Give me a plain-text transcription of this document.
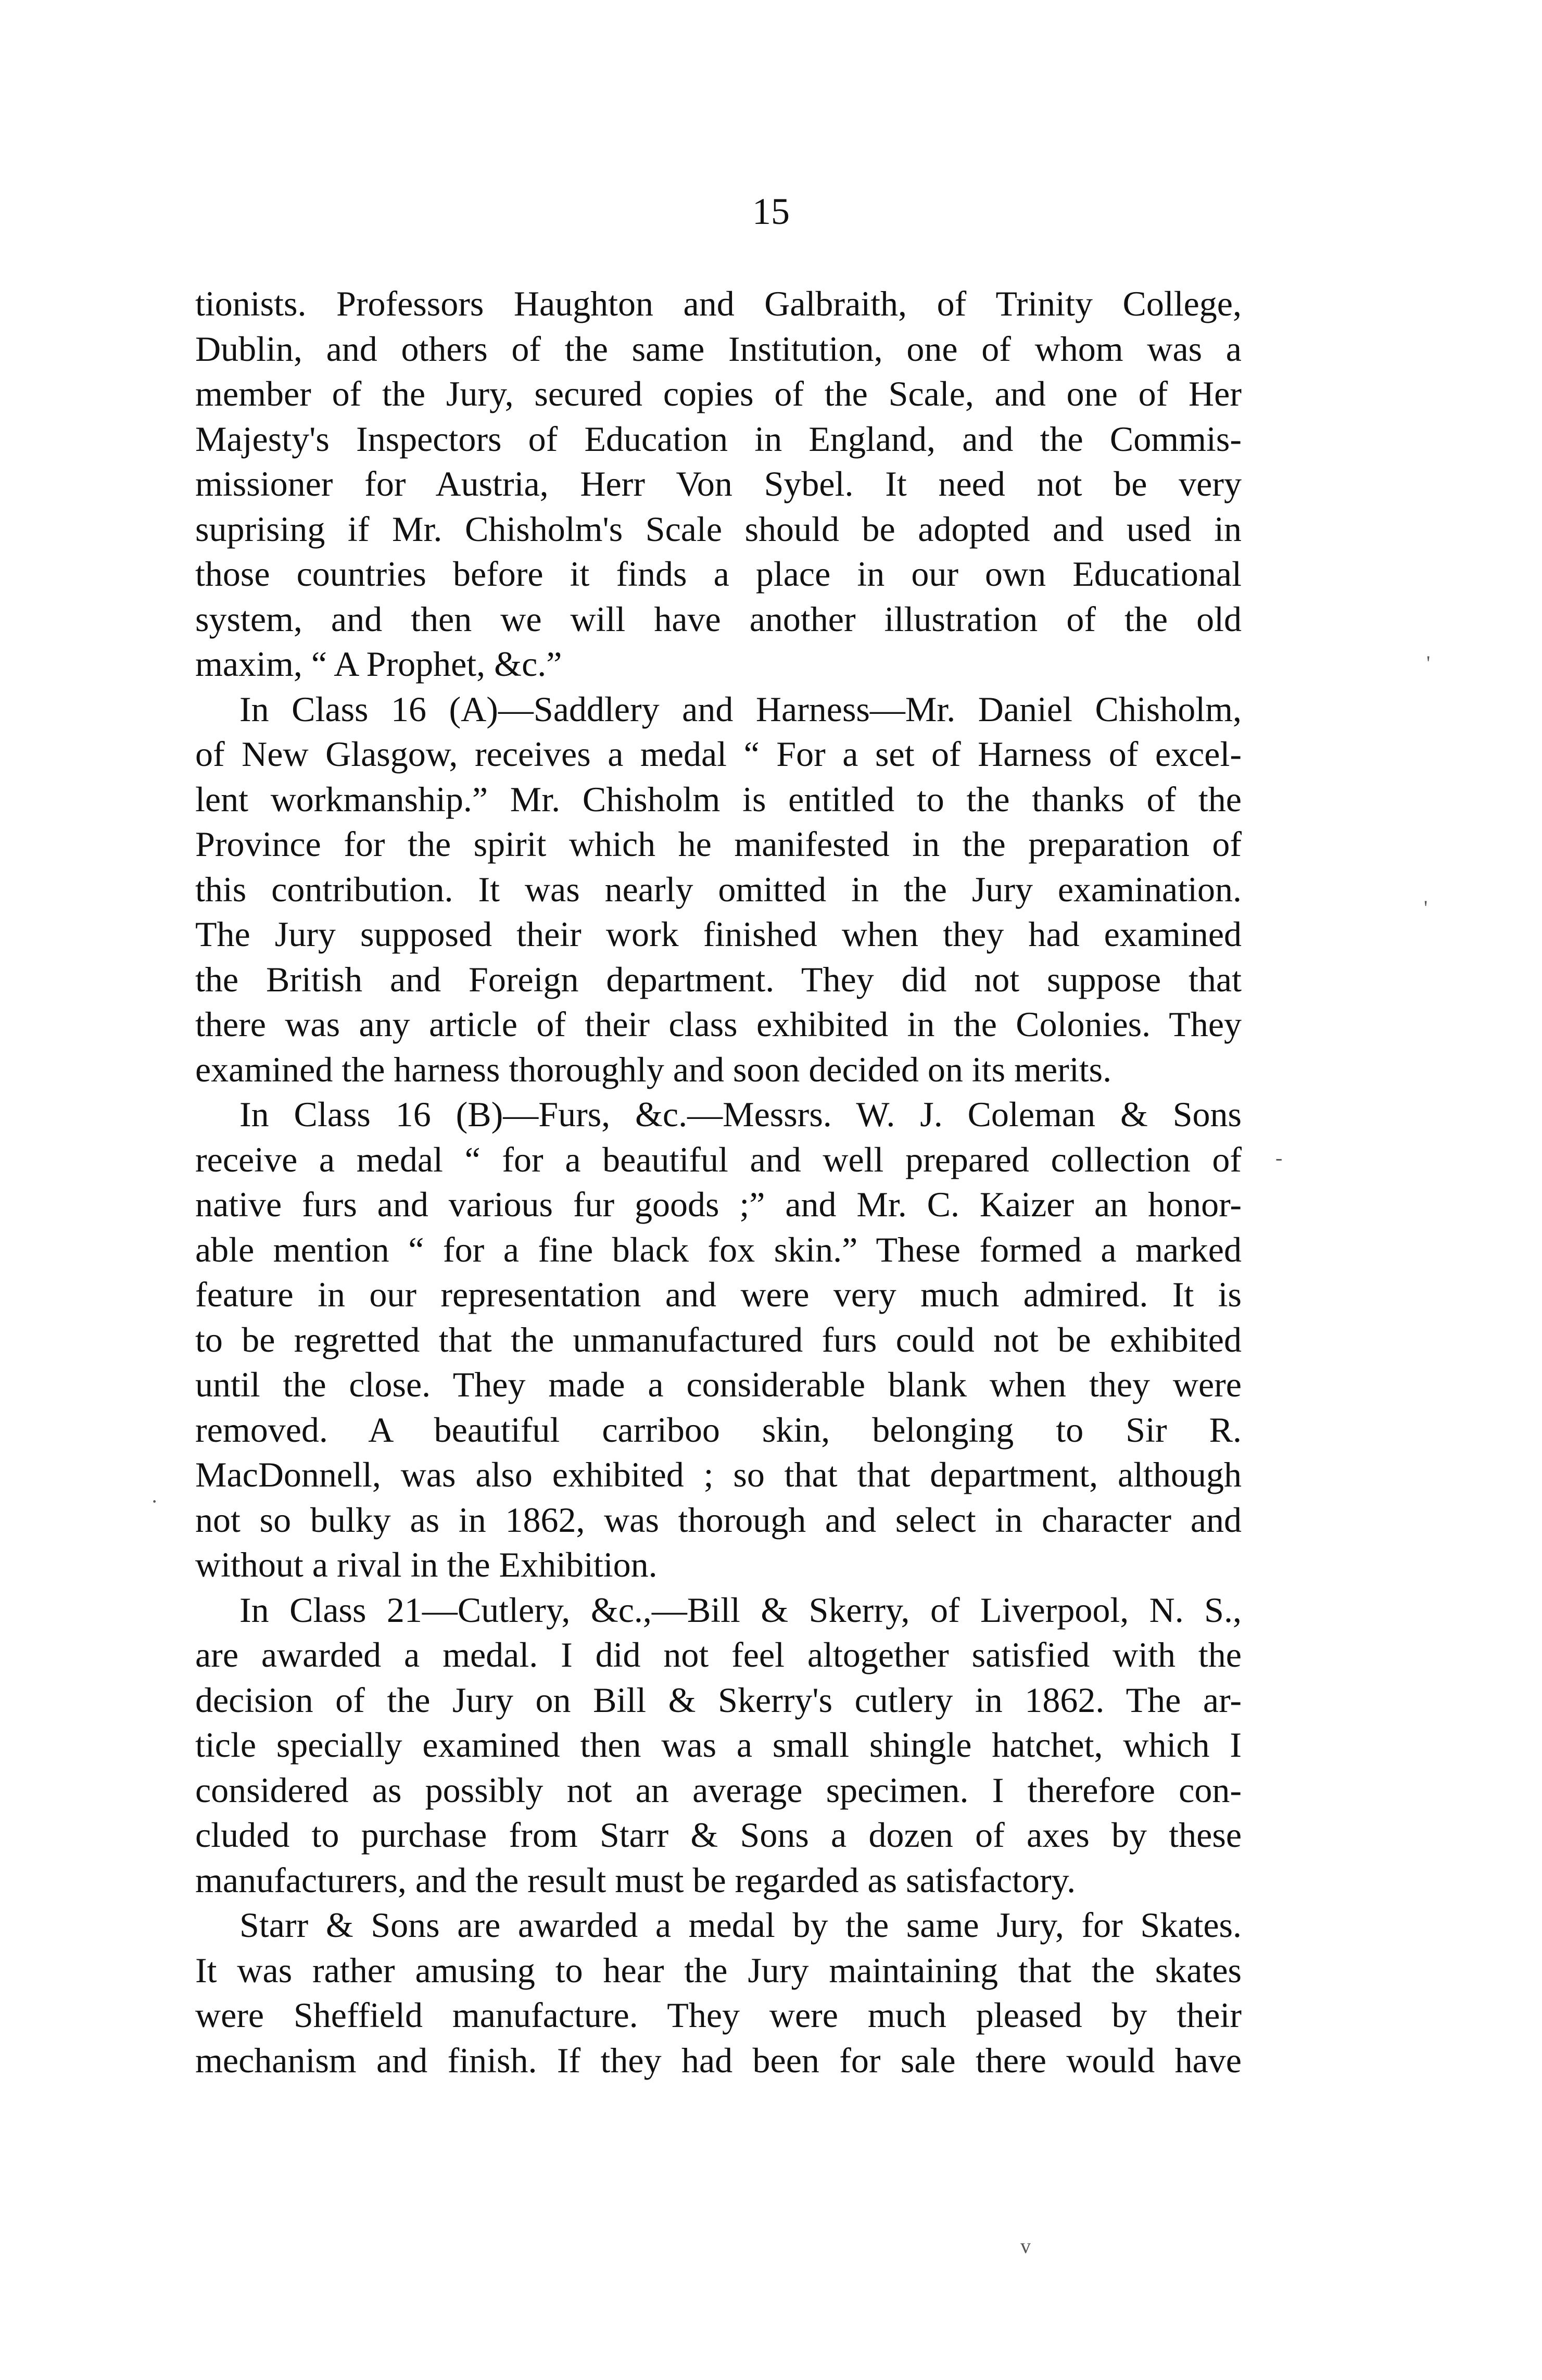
15
tionists. Professors Haughton and Galbraith, of Trinity College,
Dublin, and others of the same Institution, one of whom was a
member of the Jury, secured copies of the Scale, and one of Her
Majesty's Inspectors of Education in England, and the Commis-
missioner for Austria, Herr Von Sybel. It need not be very
suprising if Mr. Chisholm's Scale should be adopted and used in
those countries before it finds a place in our own Educational
system, and then we will have another illustration of the old
maxim, “ A Prophet, &c.”
In Class 16 (A)—Saddlery and Harness—Mr. Daniel Chisholm,
of New Glasgow, receives a medal “ For a set of Harness of excel-
lent workmanship.” Mr. Chisholm is entitled to the thanks of the
Province for the spirit which he manifested in the preparation of
this contribution. It was nearly omitted in the Jury examination.
The Jury supposed their work finished when they had examined
the British and Foreign department. They did not suppose that
there was any article of their class exhibited in the Colonies. They
examined the harness thoroughly and soon decided on its merits.
In Class 16 (B)—Furs, &c.—Messrs. W. J. Coleman & Sons
receive a medal “ for a beautiful and well prepared collection of
native furs and various fur goods ;” and Mr. C. Kaizer an honor-
able mention “ for a fine black fox skin.” These formed a marked
feature in our representation and were very much admired. It is
to be regretted that the unmanufactured furs could not be exhibited
until the close. They made a considerable blank when they were
removed. A beautiful carriboo skin, belonging to Sir R.
MacDonnell, was also exhibited ; so that that department, although
not so bulky as in 1862, was thorough and select in character and
without a rival in the Exhibition.
In Class 21—Cutlery, &c.,—Bill & Skerry, of Liverpool, N. S.,
are awarded a medal. I did not feel altogether satisfied with the
decision of the Jury on Bill & Skerry's cutlery in 1862. The ar-
ticle specially examined then was a small shingle hatchet, which I
considered as possibly not an average specimen. I therefore con-
cluded to purchase from Starr & Sons a dozen of axes by these
manufacturers, and the result must be regarded as satisfactory.
Starr & Sons are awarded a medal by the same Jury, for Skates.
It was rather amusing to hear the Jury maintaining that the skates
were Sheffield manufacture. They were much pleased by their
mechanism and finish. If they had been for sale there would have
'
'
-
·
v
